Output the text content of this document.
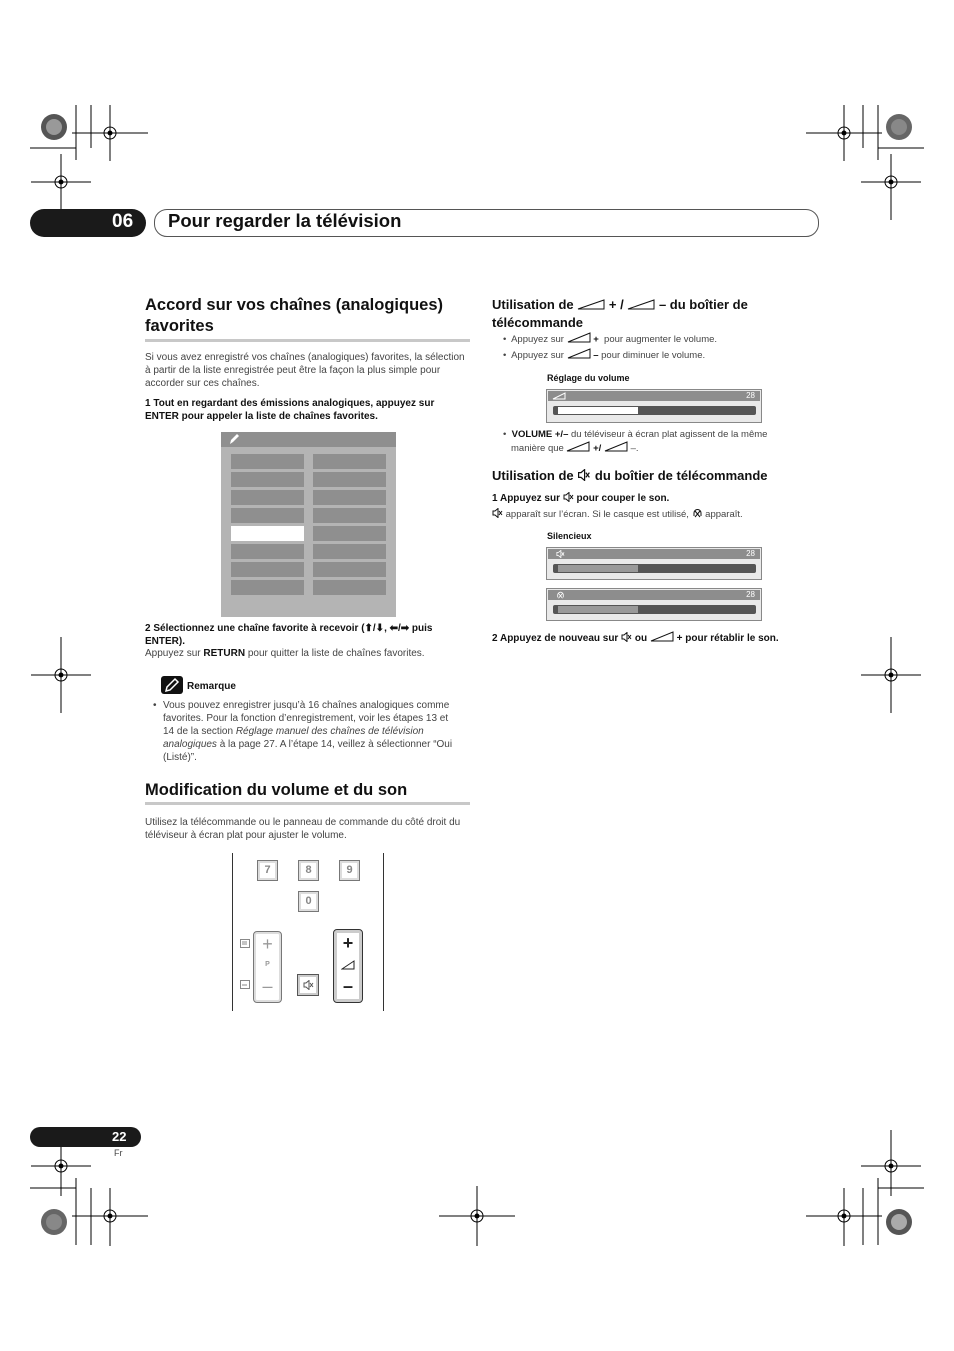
06 Pour regarder la télévision
Accord sur vos chaînes (analogiques) favorites
Si vous avez enregistré vos chaînes (analogiques) favorites, la sélection à partir de la liste enregistrée peut être la façon la plus simple pour accorder sur ces chaînes.
1 Tout en regardant des émissions analogiques, appuyez sur ENTER pour appeler la liste de chaînes favorites.
2 Sélectionnez une chaîne favorite à recevoir (⬆/⬇, ⬅/➡ puis ENTER).
Appuyez sur RETURN pour quitter la liste de chaînes favorites.
Remarque
• Vous pouvez enregistrer jusqu’à 16 chaînes analogiques comme favorites. Pour la fonction d’enregistrement, voir les étapes 13 et 14 de la section Réglage manuel des chaînes de télévision analogiques à la page 27. A l’étape 14, veillez à sélectionner “Oui (Listé)”.
Modification du volume et du son
Utilisez la télécommande ou le panneau de commande du côté droit du téléviseur à écran plat pour ajuster le volume.
7	8	9
0
+
P
–
+
–
Utilisation de	+ /	– du boîtier de
télécommande
•  Appuyez sur	+ pour augmenter le volume.
•  Appuyez sur	– pour diminuer le volume.
Réglage du volume
28
•  VOLUME +/– du téléviseur à écran plat agissent de la même
manière que	+/	–.
Utilisation de du boîtier de télécommande
1 Appuyez sur pour couper le son.
apparaît sur l’écran. Si le casque est utilisé, apparaît.
Silencieux
28
28
2 Appuyez de nouveau sur ou	+ pour rétablir le son.
22
Fr
